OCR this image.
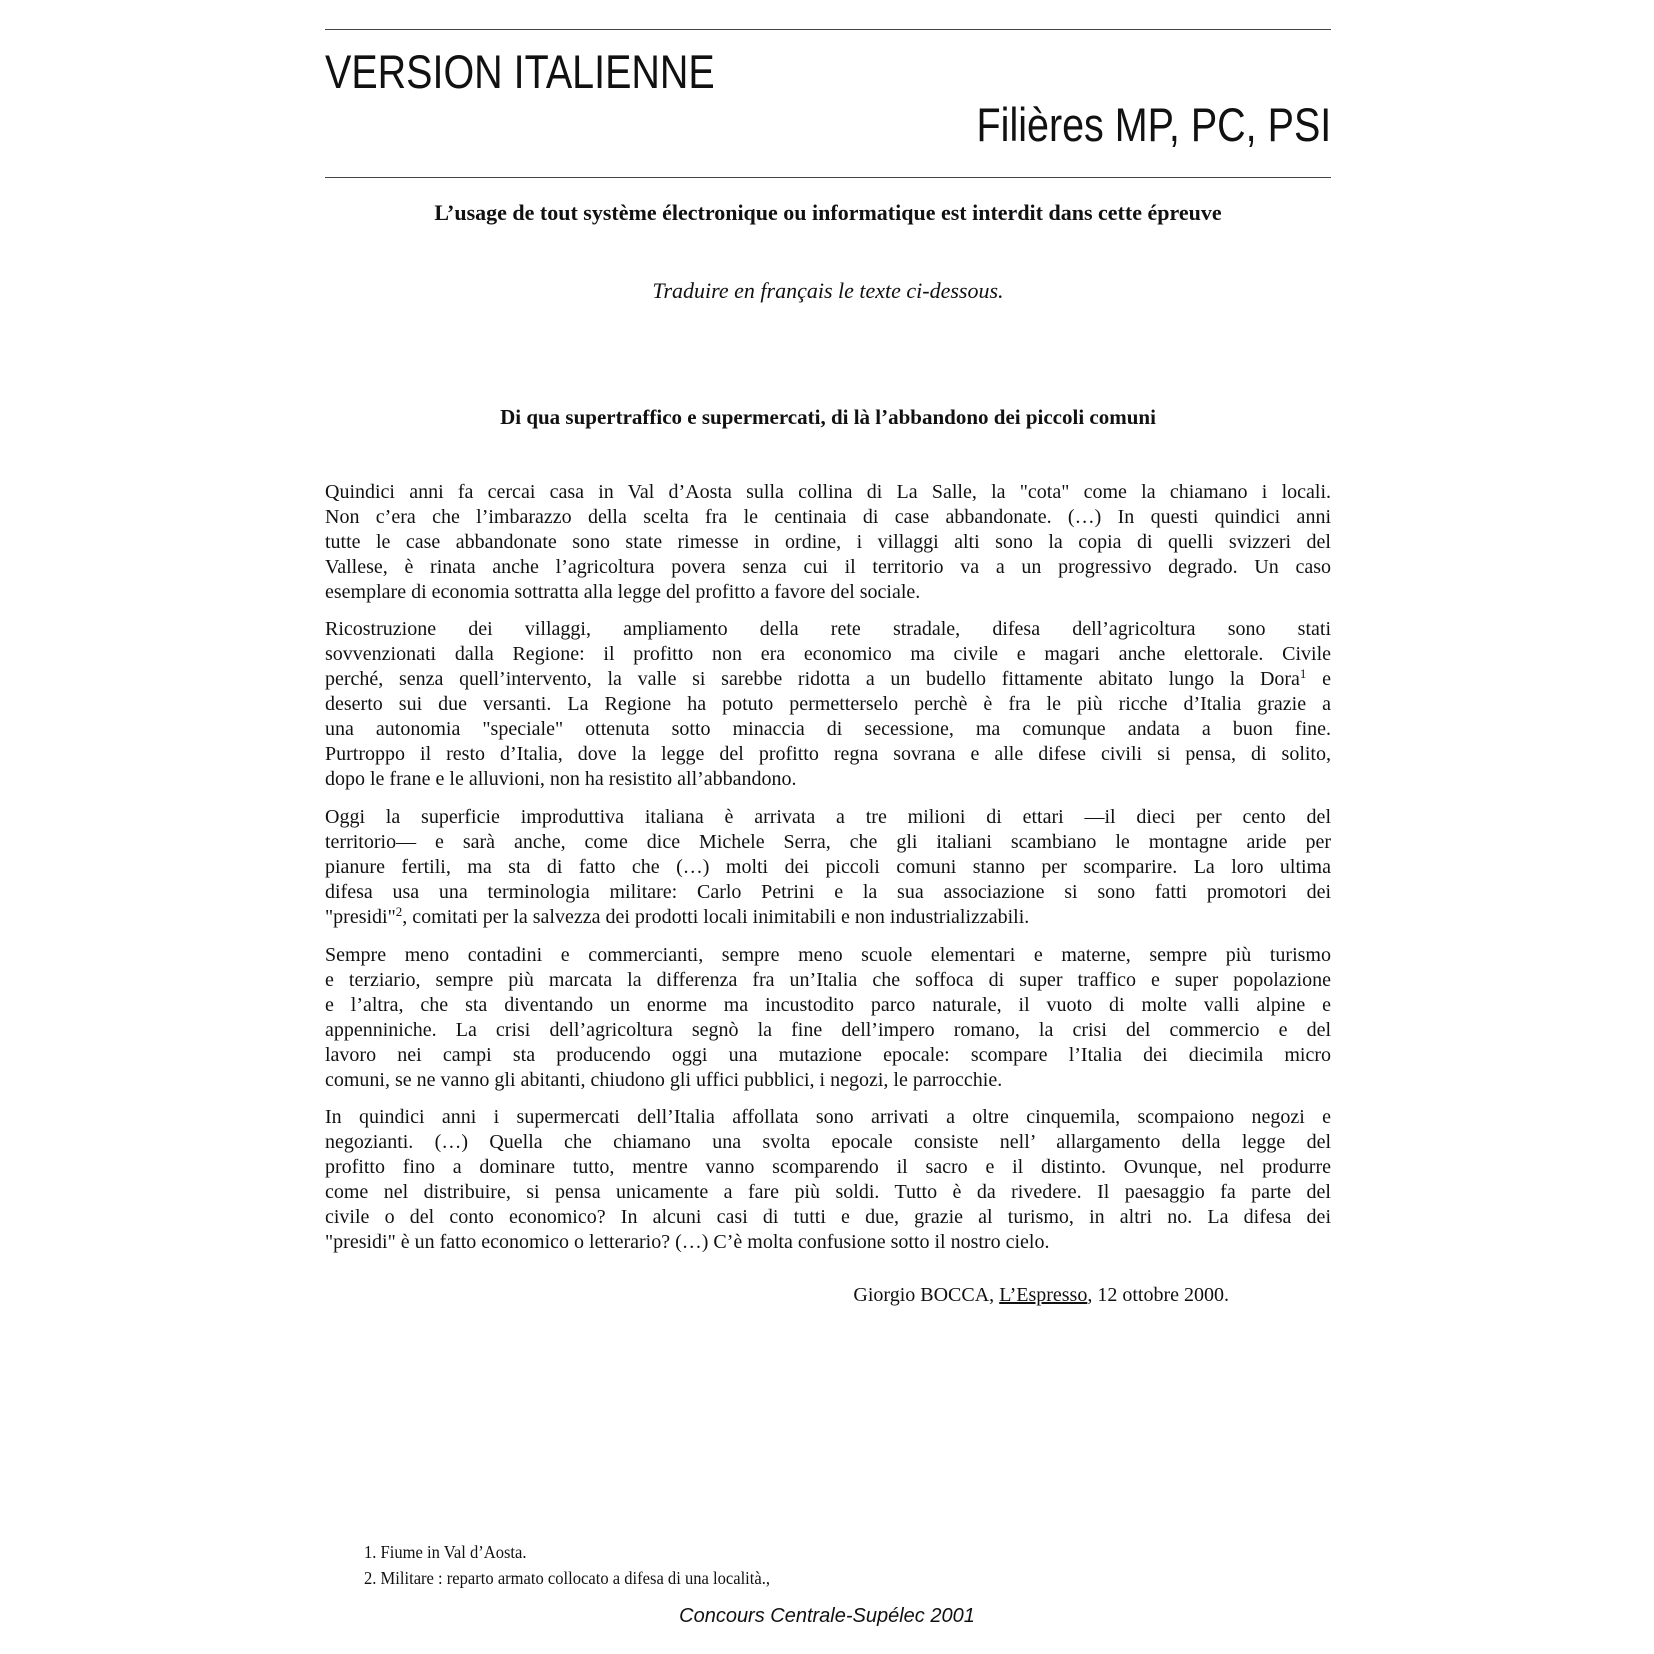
VERSION ITALIENNE
Filières MP, PC, PSI
L’usage de tout système électronique ou informatique est interdit dans cette épreuve
Traduire en français le texte ci-dessous.
Di qua supertraffico e supermercati, di là l’abbandono dei piccoli comuni
Quindici anni fa cercai casa in Val d’Aosta sulla collina di La Salle, la "cota" come la chiamano i locali.
Non c’era che l’imbarazzo della scelta fra le centinaia di case abbandonate. (…) In questi quindici anni
tutte le case abbandonate sono state rimesse in ordine, i villaggi alti sono la copia di quelli svizzeri del
Vallese, è rinata anche l’agricoltura povera senza cui il territorio va a un progressivo degrado. Un caso
esemplare di economia sottratta alla legge del profitto a favore del sociale.
Ricostruzione dei villaggi, ampliamento della rete stradale, difesa dell’agricoltura sono stati
sovvenzionati dalla Regione: il profitto non era economico ma civile e magari anche elettorale. Civile
perché, senza quell’intervento, la valle si sarebbe ridotta a un budello fittamente abitato lungo la Dora$^1$ e
deserto sui due versanti. La Regione ha potuto permetterselo perchè è fra le più ricche d’Italia grazie a
una autonomia "speciale" ottenuta sotto minaccia di secessione, ma comunque andata a buon fine.
Purtroppo il resto d’Italia, dove la legge del profitto regna sovrana e alle difese civili si pensa, di solito,
dopo le frane e le alluvioni, non ha resistito all’abbandono.
Oggi la superficie improduttiva italiana è arrivata a tre milioni di ettari —il dieci per cento del
territorio— e sarà anche, come dice Michele Serra, che gli italiani scambiano le montagne aride per
pianure fertili, ma sta di fatto che (…) molti dei piccoli comuni stanno per scomparire. La loro ultima
difesa usa una terminologia militare: Carlo Petrini e la sua associazione si sono fatti promotori dei
"presidi"$^2$, comitati per la salvezza dei prodotti locali inimitabili e non industrializzabili.
Sempre meno contadini e commercianti, sempre meno scuole elementari e materne, sempre più turismo
e terziario, sempre più marcata la differenza fra un’Italia che soffoca di super traffico e super popolazione
e l’altra, che sta diventando un enorme ma incustodito parco naturale, il vuoto di molte valli alpine e
appenniniche. La crisi dell’agricoltura segnò la fine dell’impero romano, la crisi del commercio e del
lavoro nei campi sta producendo oggi una mutazione epocale: scompare l’Italia dei diecimila micro
comuni, se ne vanno gli abitanti, chiudono gli uffici pubblici, i negozi, le parrocchie.
In quindici anni i supermercati dell’Italia affollata sono arrivati a oltre cinquemila, scompaiono negozi e
negozianti. (…) Quella che chiamano una svolta epocale consiste nell’ allargamento della legge del
profitto fino a dominare tutto, mentre vanno scomparendo il sacro e il distinto. Ovunque, nel produrre
come nel distribuire, si pensa unicamente a fare più soldi. Tutto è da rivedere. Il paesaggio fa parte del
civile o del conto economico? In alcuni casi di tutti e due, grazie al turismo, in altri no. La difesa dei
"presidi" è un fatto economico o letterario? (…) C’è molta confusione sotto il nostro cielo.
Giorgio BOCCA, L’Espresso, 12 ottobre 2000.
1. Fiume in Val d’Aosta.
2. Militare : reparto armato collocato a difesa di una località.,
Concours Centrale-Supélec 2001
